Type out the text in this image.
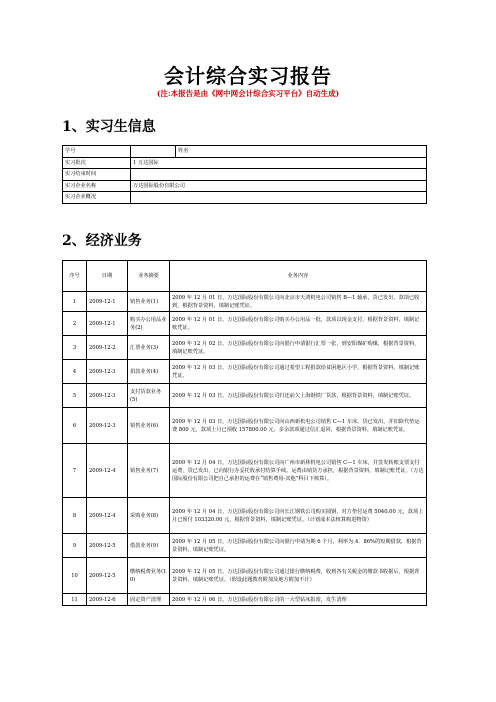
会计综合实习报告
(注:本报告是由《网中网会计综合实习平台》自动生成)
1、实习生信息
学号		姓名
实习批次	1 万达国际	
实习结束时间		
实习企业名称	万达国际股份有限公司	
实习企业概况		
2、经济业务
序号	日期	业务摘要	业务内容
1	2009-12-1	销售业务(1)	2009 年 12 月 01 日，万达国际股份有限公司向北京市天鸿机电公司销售 B—1 轴承，货已发出，款项已收到，根据背景资料，填制记账凭证。
2	2009-12-1	购买办公用品业务(2)	2009 年 12 月 01 日，万达国际股份有限公司购买办公用品一批，款项以现金支付，根据背景资料，填制记账凭证。
3	2009-12-2	汇票业务(3)	2009 年 12 月 02 日，万达国际股份有限公司向银行申请银行汇票一张，到安阳煤矿购煤，根据背景资料，填制记账凭证。
4	2009-12-3	捐款业务(4)	2009 年 12 月 03 日，万达国际股份有限公司通过希望工程捐款给贫困地区小学，根据背景资料，填制记账凭证。
5	2009-12-3	支付货款业务(5)	2009 年 12 月 03 日，万达国际股份有限公司归还前欠上海钢铁厂货款，根据背景资料，填制记账凭证。
6	2009-12-3	销售业务(6)	2009 年 12 月 03 日，万达国际股份有限公司向山西新机电公司销售 C—1 车床，货已发出，并扣除代垫运费 800 元，款项上月已预收 157800.00 元，多余款项通过信汇退回，根据背景资料，填制记账凭证。
7	2009-12-4	销售业务(7)	2009 年 12 月 04 日，万达国际股份有限公司向广州市新林机电公司销售 C—1 车床，并签发转账支票支付运费，货已发出，已向银行办妥托收承付结算手续。运费由销货方承担，根据背景资料，填制记账凭证。（万达国际股份有限公司把自己承担的运费在“销售费用-其他”科目下核算）。
8	2009-12-4	采购业务(8)	2009 年 12 月 04 日，万达国际股份有限公司向长江钢铁公司购买圆钢，对方垫付运费 5040.00 元，款项上月已预付 103320.00 元，根据背景资料，填制记账凭证。（计划成本法核算购进物资）
9	2009-12-5	借款业务(9)	2009 年 12 月 05 日，万达国际股份有限公司向银行申请为期 6 个月，利率为 4．86%的短期借款，根据背景资料，填制记账凭证。
10	2009-12-5	缴纳税费业务(10)	2009 年 12 月 05 日，万达国际股份有限公司通过银行缴纳税费，收到各有关税金的缴款书收据后，根据背景资料，填制记账凭证。（假设此题教育附加及地方附加不计）
11	2009-12-6	固定资产清理	2009 年 12 月 06 日，万达国际股份有限公司的一大型钻床报废，发生清理
